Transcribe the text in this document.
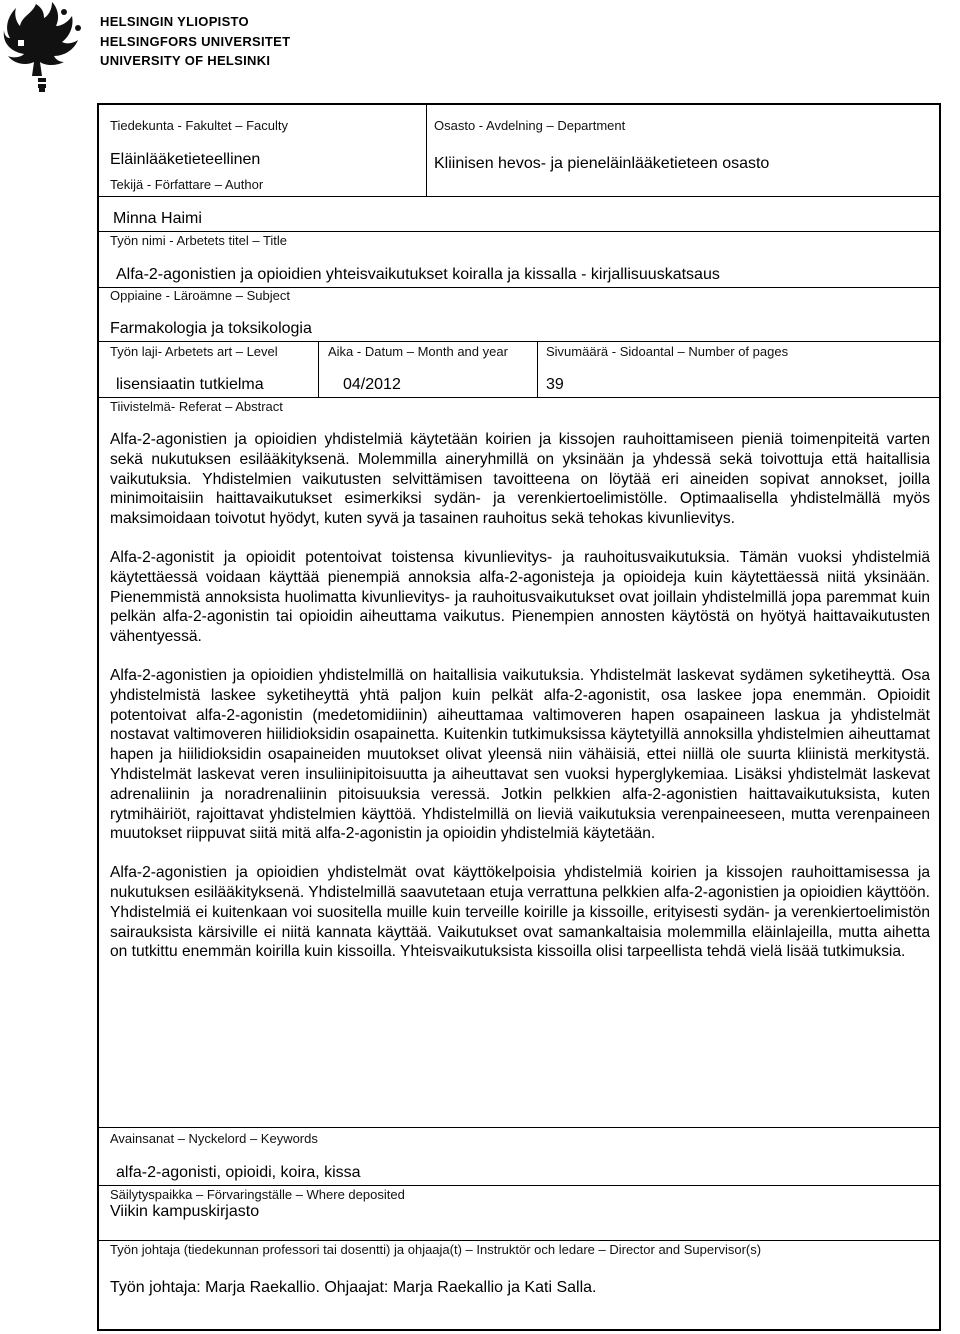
HELSINGIN YLIOPISTO
HELSINGFORS UNIVERSITET
UNIVERSITY OF HELSINKI
Tiedekunta - Fakultet – Faculty
Eläinlääketieteellinen
Osasto - Avdelning – Department
Kliinisen hevos- ja pieneläinlääketieteen osasto
Tekijä - Författare – Author
Minna Haimi
Työn nimi - Arbetets titel – Title
Alfa-2-agonistien ja opioidien yhteisvaikutukset koiralla ja kissalla - kirjallisuuskatsaus
Oppiaine - Läroämne – Subject
Farmakologia ja toksikologia
Työn laji- Arbetets art – Level
lisensiaatin tutkielma
Aika - Datum – Month and year
04/2012
Sivumäärä - Sidoantal – Number of pages
39
Tiivistelmä- Referat – Abstract

Alfa-2-agonistien ja opioidien yhdistelmiä käytetään koirien ja kissojen rauhoittamiseen pieniä toimenpiteitä varten sekä nukutuksen esilääkityksenä. Molemmilla aineryhmillä on yksinään ja yhdessä sekä toivottuja että haitallisia vaikutuksia. Yhdistelmien vaikutusten selvittämisen tavoitteena on löytää eri aineiden sopivat annokset, joilla minimoitaisiin haittavaikutukset esimerkiksi sydän- ja verenkiertoelimistölle. Optimaalisella yhdistelmällä myös maksimoidaan toivotut hyödyt, kuten syvä ja tasainen rauhoitus sekä tehokas kivunlievitys.

Alfa-2-agonistit ja opioidit potentoivat toistensa kivunlievitys- ja rauhoitusvaikutuksia. Tämän vuoksi yhdistelmiä käytettäessä voidaan käyttää pienempiä annoksia alfa-2-agonisteja ja opioideja kuin käytettäessä niitä yksinään. Pienemmistä annoksista huolimatta kivunlievitys- ja rauhoitusvaikutukset ovat joillain yhdistelmillä jopa paremmat kuin pelkän alfa-2-agonistin tai opioidin aiheuttama vaikutus. Pienempien annosten käytöstä on hyötyä haittavaikutusten vähentyessä.

Alfa-2-agonistien ja opioidien yhdistelmillä on haitallisia vaikutuksia. Yhdistelmät laskevat sydämen syketiheyttä. Osa yhdistelmistä laskee syketiheyttä yhtä paljon kuin pelkät alfa-2-agonistit, osa laskee jopa enemmän. Opioidit potentoivat alfa-2-agonistin (medetomidiinin) aiheuttamaa valtimoveren hapen osapaineen laskua ja yhdistelmät nostavat valtimoveren hiilidioksidin osapainetta. Kuitenkin tutkimuksissa käytetyillä annoksilla yhdistelmien aiheuttamat hapen ja hiilidioksidin osapaineiden muutokset olivat yleensä niin vähäisiä, ettei niillä ole suurta kliinistä merkitystä. Yhdistelmät laskevat veren insuliinipitoisuutta ja aiheuttavat sen vuoksi hyperglykemiaa. Lisäksi yhdistelmät laskevat adrenaliinin ja noradrenaliinin pitoisuuksia veressä. Jotkin pelkkien alfa-2-agonistien haittavaikutuksista, kuten rytmihäiriöt, rajoittavat yhdistelmien käyttöä. Yhdistelmillä on lieviä vaikutuksia verenpaineeseen, mutta verenpaineen muutokset riippuvat siitä mitä alfa-2-agonistin ja opioidin yhdistelmiä käytetään.

Alfa-2-agonistien ja opioidien yhdistelmät ovat käyttökelpoisia yhdistelmiä koirien ja kissojen rauhoittamisessa ja nukutuksen esilääkityksenä. Yhdistelmillä saavutetaan etuja verrattuna pelkkien alfa-2-agonistien ja opioidien käyttöön. Yhdistelmiä ei kuitenkaan voi suositella muille kuin terveille koirille ja kissoille, erityisesti sydän- ja verenkiertoelimistön sairauksista kärsiville ei niitä kannata käyttää. Vaikutukset ovat samankaltaisia molemmilla eläinlajeilla, mutta aihetta on tutkittu enemmän koirilla kuin kissoilla. Yhteisvaikutuksista kissoilla olisi tarpeellista tehdä vielä lisää tutkimuksia.

Avainsanat – Nyckelord – Keywords
alfa-2-agonisti, opioidi, koira, kissa
Säilytyspaikka – Förvaringställe – Where deposited
Viikin kampuskirjasto
Työn johtaja (tiedekunnan professori tai dosentti) ja ohjaaja(t) – Instruktör och ledare – Director and Supervisor(s)
Työn johtaja: Marja Raekallio. Ohjaajat: Marja Raekallio ja Kati Salla.
